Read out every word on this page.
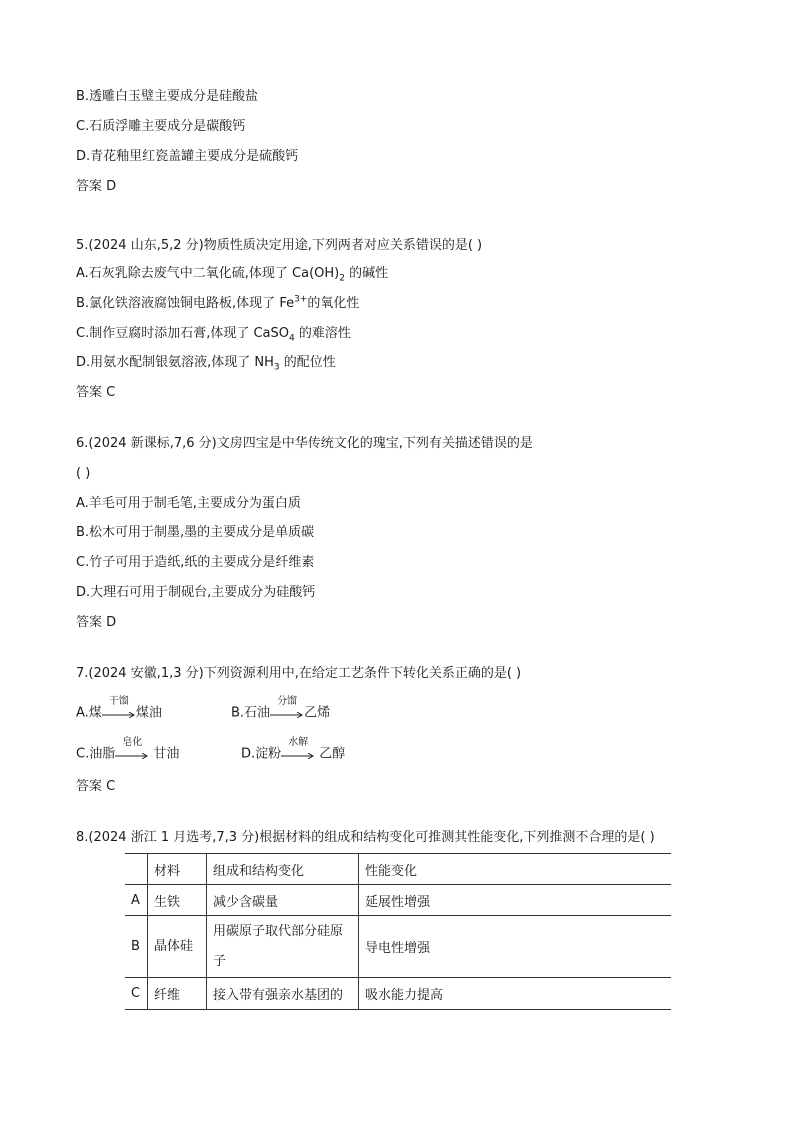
B.透雕白玉璧主要成分是硅酸盐
C.石质浮雕主要成分是碳酸钙
D.青花釉里红瓷盖罐主要成分是硫酸钙
答案 D
5.(2024 山东,5,2 分)物质性质决定用途,下列两者对应关系错误的是( )
A.石灰乳除去废气中二氧化硫,体现了 $Ca(OH)_2$ 的碱性
B.氯化铁溶液腐蚀铜电路板,体现了 $Fe^{3+}$的氧化性
C.制作豆腐时添加石膏,体现了 CaSO$_4$ 的难溶性
D.用氨水配制银氨溶液,体现了 $NH_3$ 的配位性
答案 C
6.(2024 新课标,7,6 分)文房四宝是中华传统文化的瑰宝,下列有关描述错误的是
( )
A.羊毛可用于制毛笔,主要成分为蛋白质
B.松木可用于制墨,墨的主要成分是单质碳
C.竹子可用于造纸,纸的主要成分是纤维素
D.大理石可用于制砚台,主要成分为硅酸钙
答案 D
7.(2024 安徽,1,3 分)下列资源利用中,在给定工艺条件下转化关系正确的是( )
A.煤
干馏
煤油	B.石油
分馏
乙烯
C.油脂
皂化
甘油	D.淀粉
水解
乙醇
答案 C
8.(2024 浙江 1 月选考,7,3 分)根据材料的组成和结构变化可推测其性能变化,下列推测不合理的是( )
	材料	组成和结构变化	性能变化
A	生铁	减少含碳量	延展性增强
B	晶体硅	用碳原子取代部分硅原子	导电性增强
C	纤维	接入带有强亲水基团的	吸水能力提高
